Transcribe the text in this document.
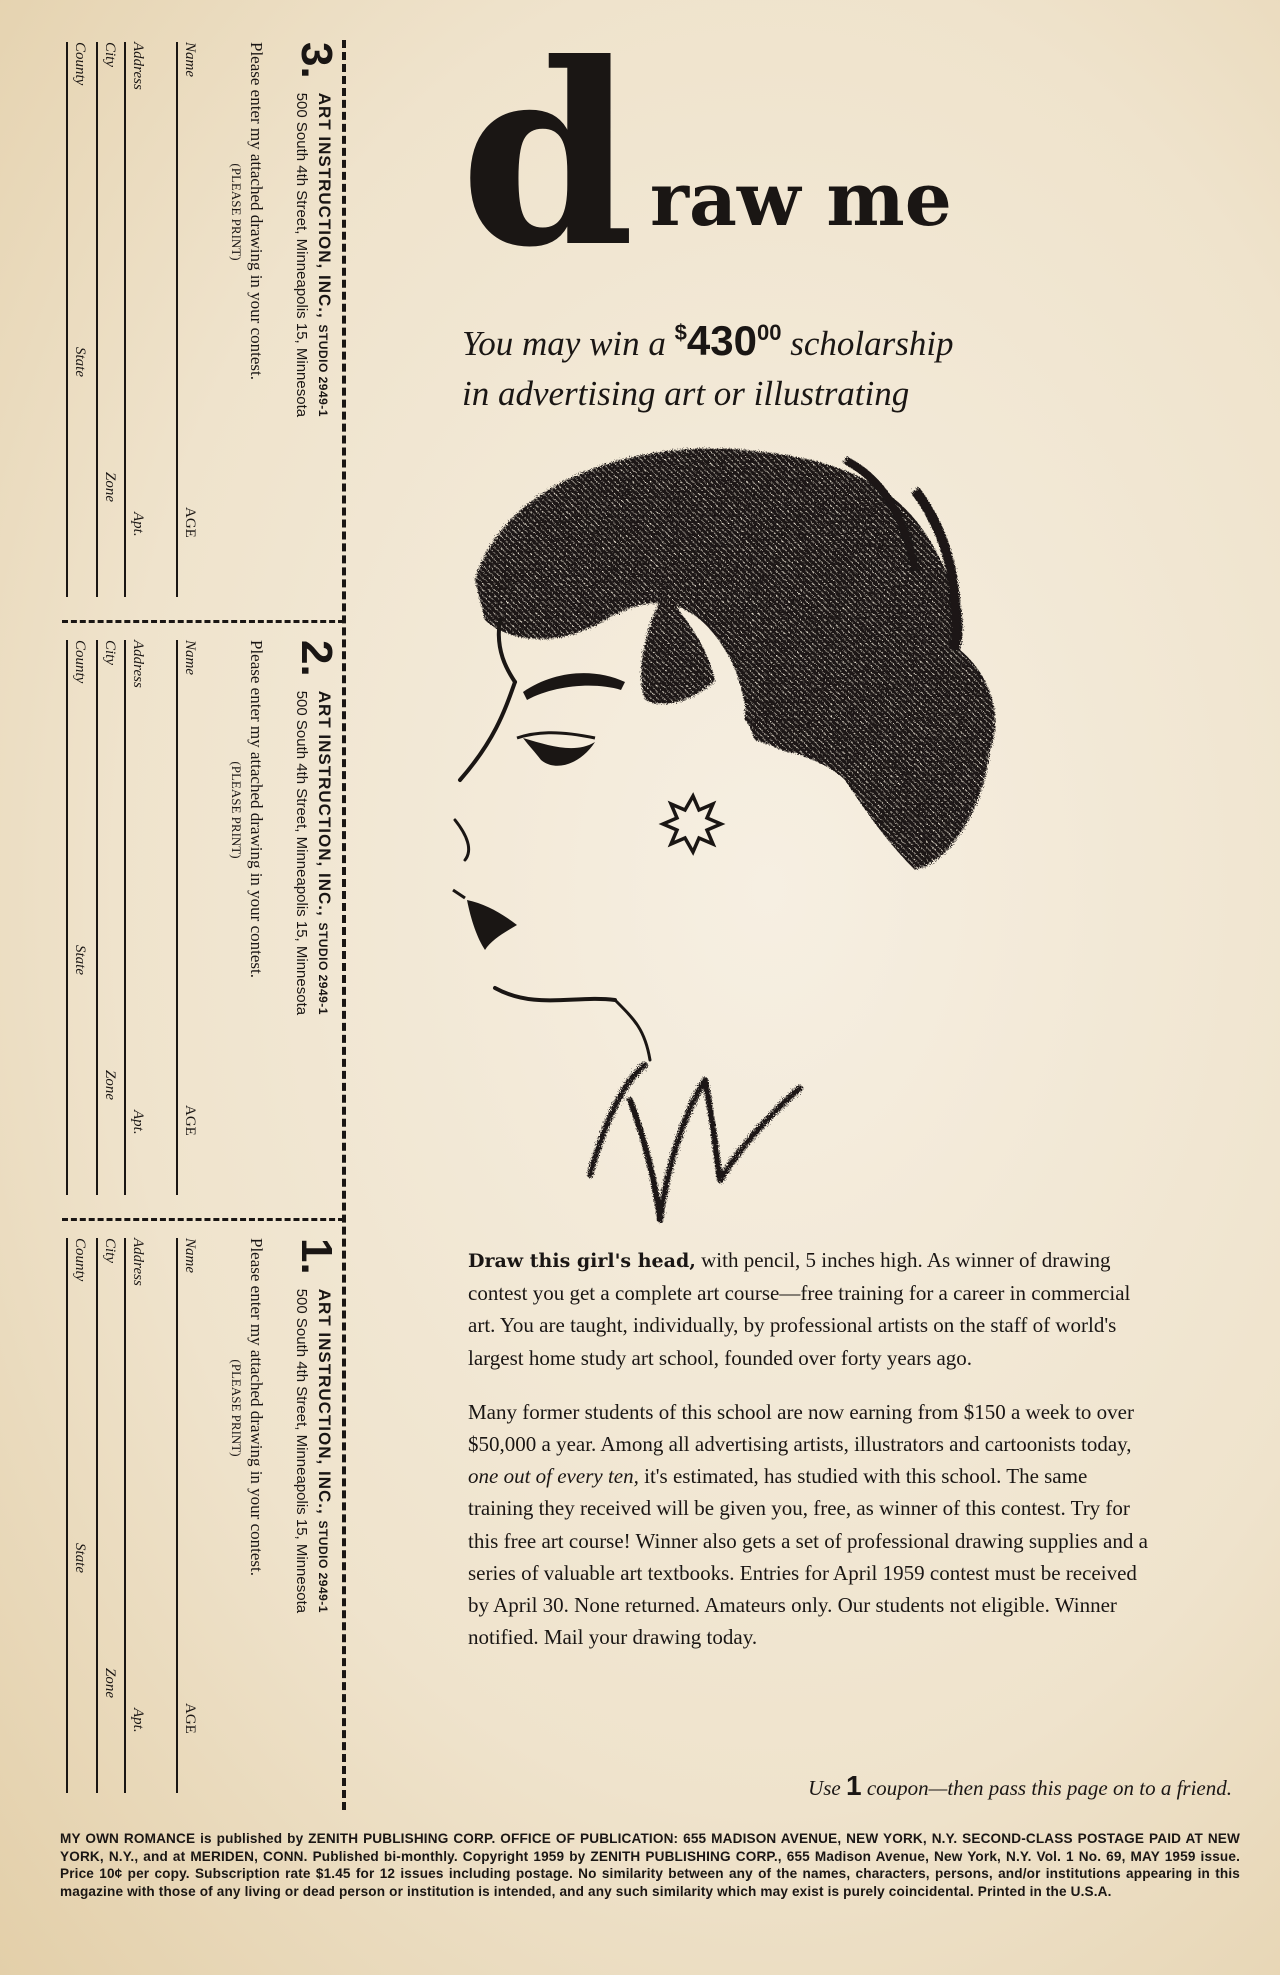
3.
ART INSTRUCTION, INC., STUDIO 2949-1
500 South 4th Street, Minneapolis 15, Minnesota
Please enter my attached drawing in your contest.
(PLEASE PRINT)
Name
AGE
Address
Apt.
City
Zone
County
State
2.
ART INSTRUCTION, INC., STUDIO 2949-1
500 South 4th Street, Minneapolis 15, Minnesota
Please enter my attached drawing in your contest.
(PLEASE PRINT)
Name
AGE
Address
Apt.
City
Zone
County
State
1.
ART INSTRUCTION, INC., STUDIO 2949-1
500 South 4th Street, Minneapolis 15, Minnesota
Please enter my attached drawing in your contest.
(PLEASE PRINT)
Name
AGE
Address
Apt.
City
Zone
County
State
d raw me
You may win a $^{\$}430^{00}$ scholarship
in advertising art or illustrating

Draw this girl's head, with pencil, 5 inches high. As winner of drawing contest you get a complete art course—free training for a career in commercial art. You are taught, individually, by professional artists on the staff of world's largest home study art school, founded over forty years ago.

Many former students of this school are now earning from $150 a week to over $50,000 a year. Among all advertising artists, illustrators and cartoonists today, one out of every ten, it's estimated, has studied with this school. The same training they received will be given you, free, as winner of this contest. Try for this free art course! Winner also gets a set of professional drawing supplies and a series of valuable art textbooks. Entries for April 1959 contest must be received by April 30. None returned. Amateurs only. Our students not eligible. Winner notified. Mail your drawing today.

Use 1 coupon—then pass this page on to a friend.
MY OWN ROMANCE is published by ZENITH PUBLISHING CORP. OFFICE OF PUBLICATION: 655 MADISON AVENUE, NEW YORK, N.Y. SECOND-CLASS POSTAGE PAID AT NEW YORK, N.Y., and at MERIDEN, CONN. Published bi-monthly. Copyright 1959 by ZENITH PUBLISHING CORP., 655 Madison Avenue, New York, N.Y. Vol. 1 No. 69, MAY 1959 issue. Price 10¢ per copy. Subscription rate $1.45 for 12 issues including postage. No similarity between any of the names, characters, persons, and/or institutions appearing in this magazine with those of any living or dead person or institution is intended, and any such similarity which may exist is purely coincidental. Printed in the U.S.A.
